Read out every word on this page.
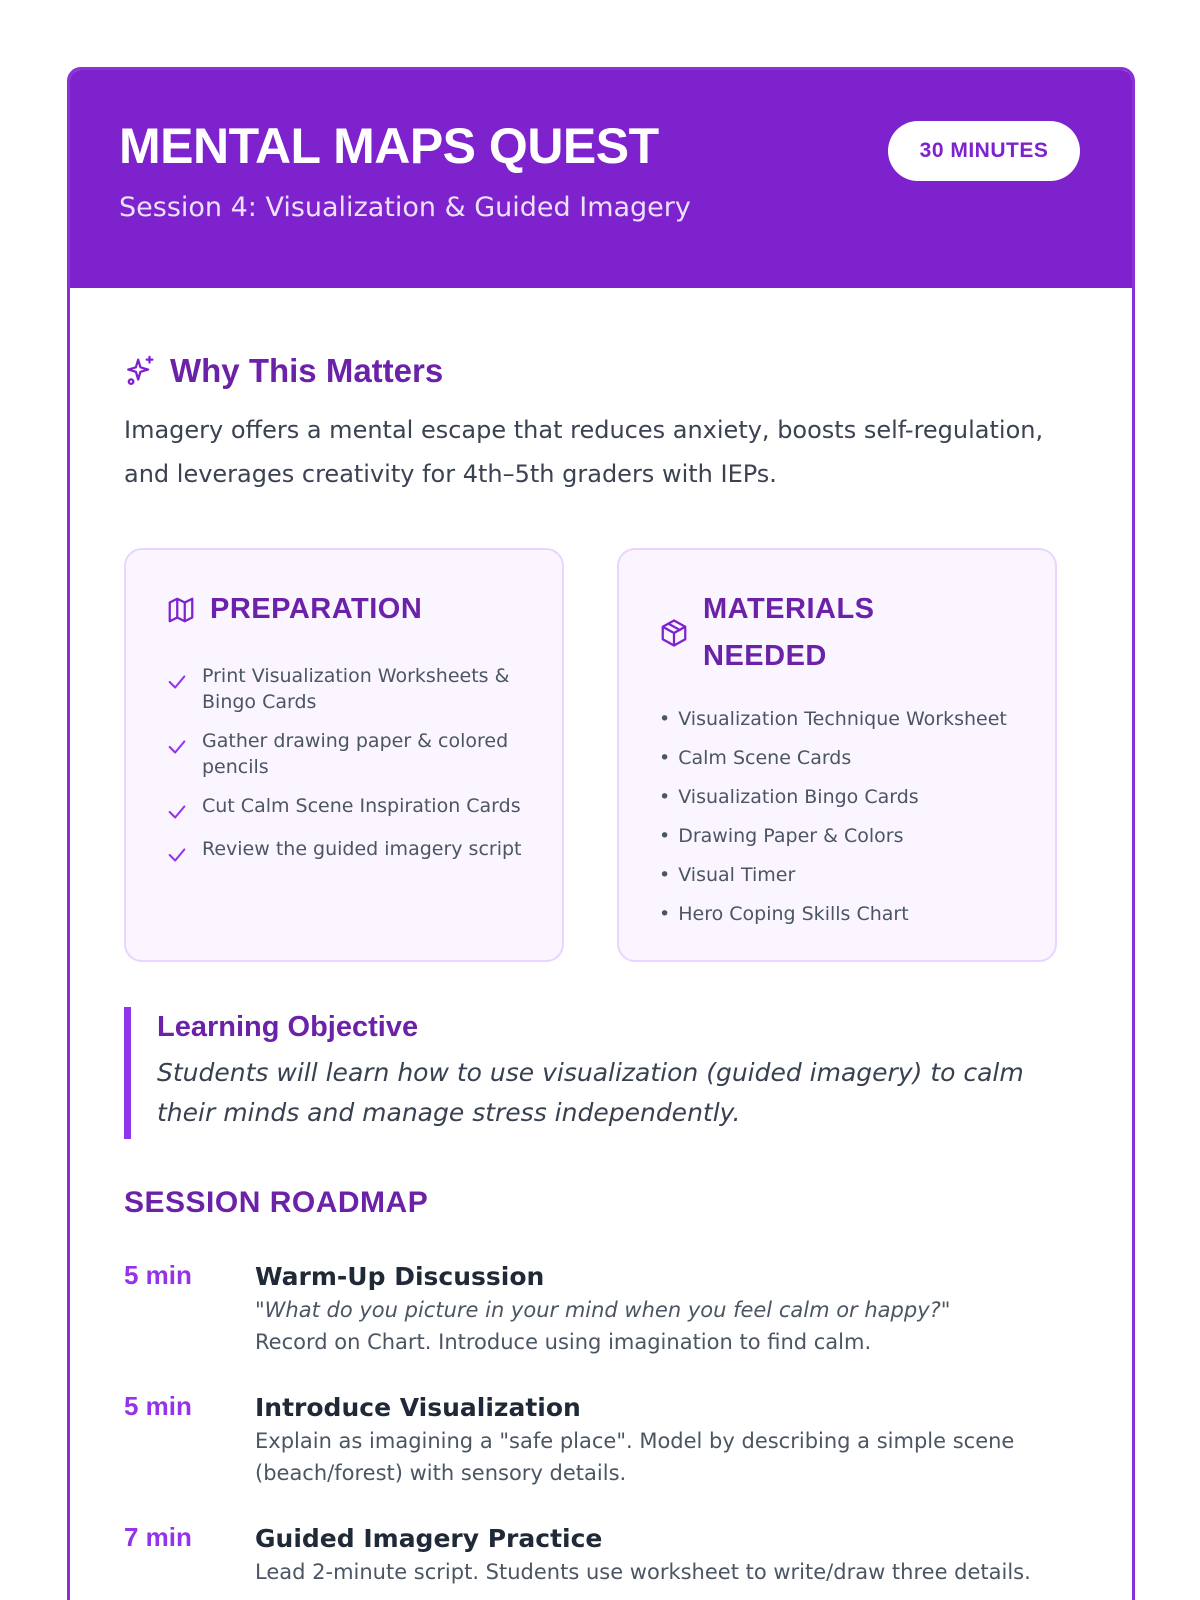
MENTAL MAPS QUEST
Session 4: Visualization & Guided Imagery
30 MINUTES
Why This Matters
Imagery offers a mental escape that reduces anxiety, boosts self-regulation, and leverages creativity for 4th–5th graders with IEPs.
PREPARATION
Print Visualization Worksheets & Bingo Cards
Gather drawing paper & colored pencils
Cut Calm Scene Inspiration Cards
Review the guided imagery script
MATERIALS NEEDED
• Visualization Technique Worksheet
• Calm Scene Cards
• Visualization Bingo Cards
• Drawing Paper & Colors
• Visual Timer
• Hero Coping Skills Chart
Learning Objective
Students will learn how to use visualization (guided imagery) to calm their minds and manage stress independently.
SESSION ROADMAP
5 min	Warm-Up Discussion
"What do you picture in your mind when you feel calm or happy?"
Record on Chart. Introduce using imagination to find calm.
5 min	Introduce Visualization
Explain as imagining a "safe place". Model by describing a simple scene (beach/forest) with sensory details.
7 min	Guided Imagery Practice
Lead 2-minute script. Students use worksheet to write/draw three details.
